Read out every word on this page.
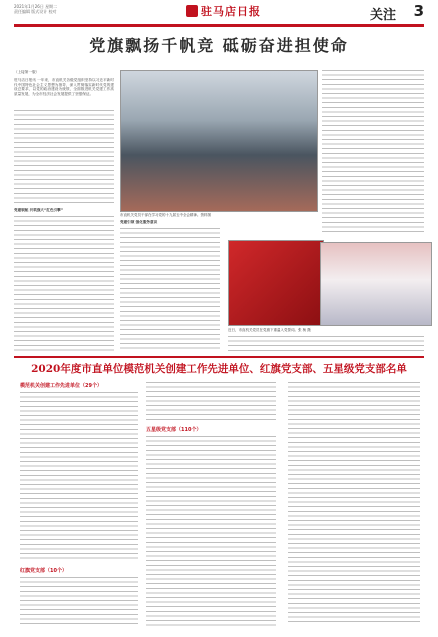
2021年1月26日 星期二
责任编辑 版式设计 校对	驻马店日报	关注 3
党旗飘扬千帆竞 砥砺奋进担使命
（上接第一版）
驻马店日报讯 一年来，市直机关各级党组织坚持以习近平新时代中国特色社会主义思想为指导，深入贯彻落实新时代党的建设总要求，以党的政治建设为统领，全面推进机关党建工作高质量发展，为全市经济社会发展提供了坚强保证。
党建领航 共筑强大“红色引擎”
市直机关党员干部在学习党的十九届五中全会精神。资料图
党建引领 强化服务意识
近日，市直机关党员在党旗下重温入党誓词。张 桢 摄
2020年度市直单位模范机关创建工作先进单位、红旗党支部、五星级党支部名单
模范机关创建工作先进单位（29个）
红旗党支部（10个）
五星级党支部（110个）
